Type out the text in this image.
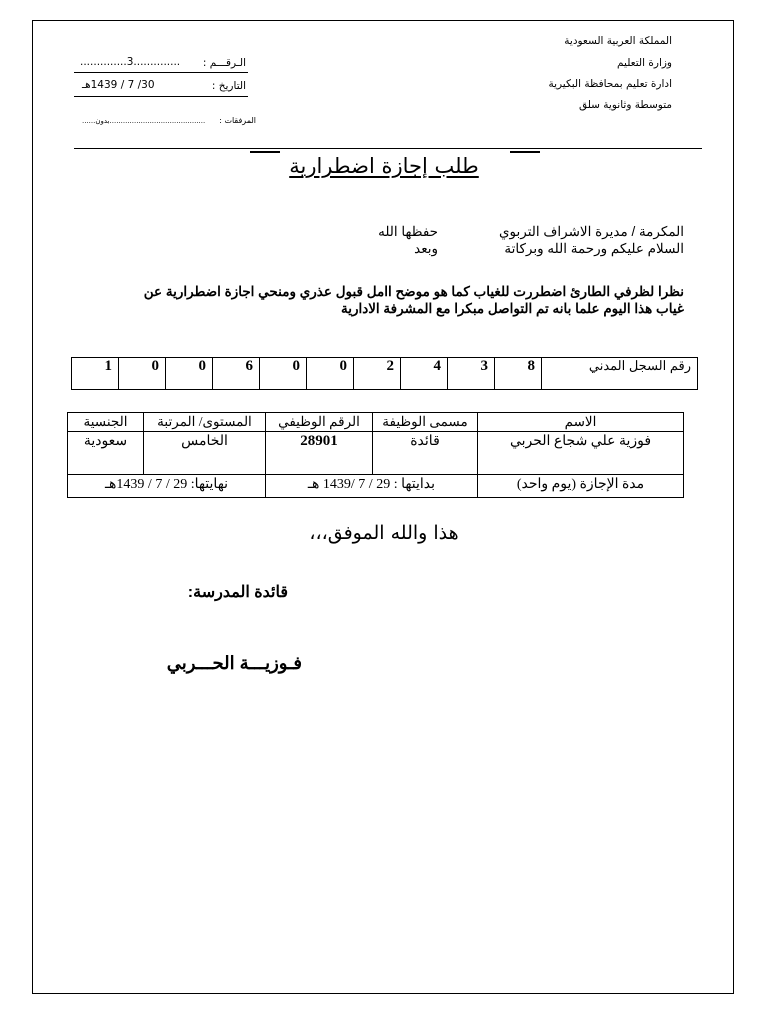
المملكة العربية السعودية
وزارة التعليم
ادارة تعليم بمحافظة البكيرية
متوسطة وثانوية سلق
الـرقـــم :
..............3..............
التاريخ :
30/ 7 / 1439هـ
المرفقات :
......بدون...........................................
طلب إجازة اضطرارية
المكرمة / مديرة الاشراف التربوي
حفظها الله
السلام عليكم ورحمة الله وبركاتة
وبعد
نظرا لظرفي الطارئ اضطررت للغياب كما هو موضح اامل قبول عذري ومنحي اجازة اضطرارية عن
غياب هذا اليوم علما بانه تم التواصل مبكرا مع المشرفة الادارية
1	0	0	6	0	0	2	4	3	8	رقم السجل المدني
الاسم	مسمى الوظيفة	الرقم الوظيفي	المستوى/ المرتبة	الجنسية
فوزية علي شجاع الحربي	قائدة	28901	الخامس	سعودية
مدة الإجازة (يوم واحد)	بدايتها : 29 / 7 /1439 هـ		نهايتها: 29 / 7 / 1439هـ	
هذا والله الموفق،،،
قائدة المدرسة:
فـوزيـــة الحـــربي
